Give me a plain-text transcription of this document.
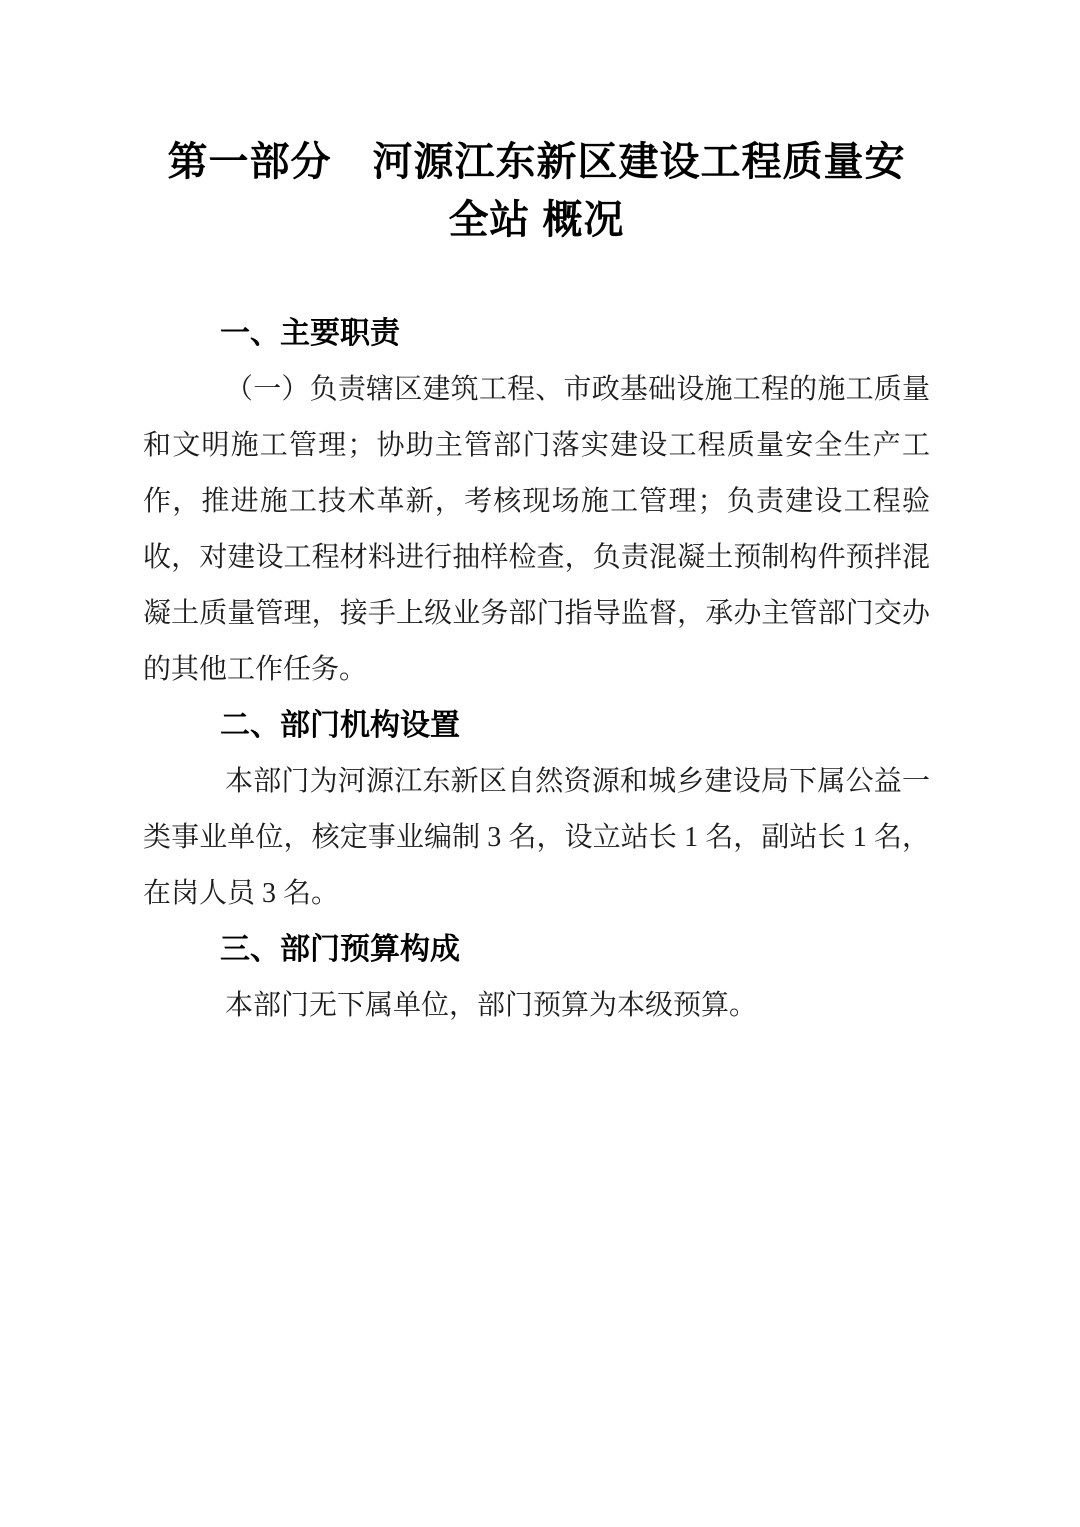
第一部分　河源江东新区建设工程质量安
全站 概况
一、主要职责

（一）负责辖区建筑工程、市政基础设施工程的施工质量和文明施工管理；协助主管部门落实建设工程质量安全生产工作，推进施工技术革新，考核现场施工管理；负责建设工程验收，对建设工程材料进行抽样检查，负责混凝土预制构件预拌混凝土质量管理，接手上级业务部门指导监督，承办主管部门交办的其他工作任务。

二、部门机构设置

本部门为河源江东新区自然资源和城乡建设局下属公益一类事业单位，核定事业编制 3 名，设立站长 1 名，副站长 1 名，在岗人员 3 名。

三、部门预算构成

本部门无下属单位，部门预算为本级预算。
